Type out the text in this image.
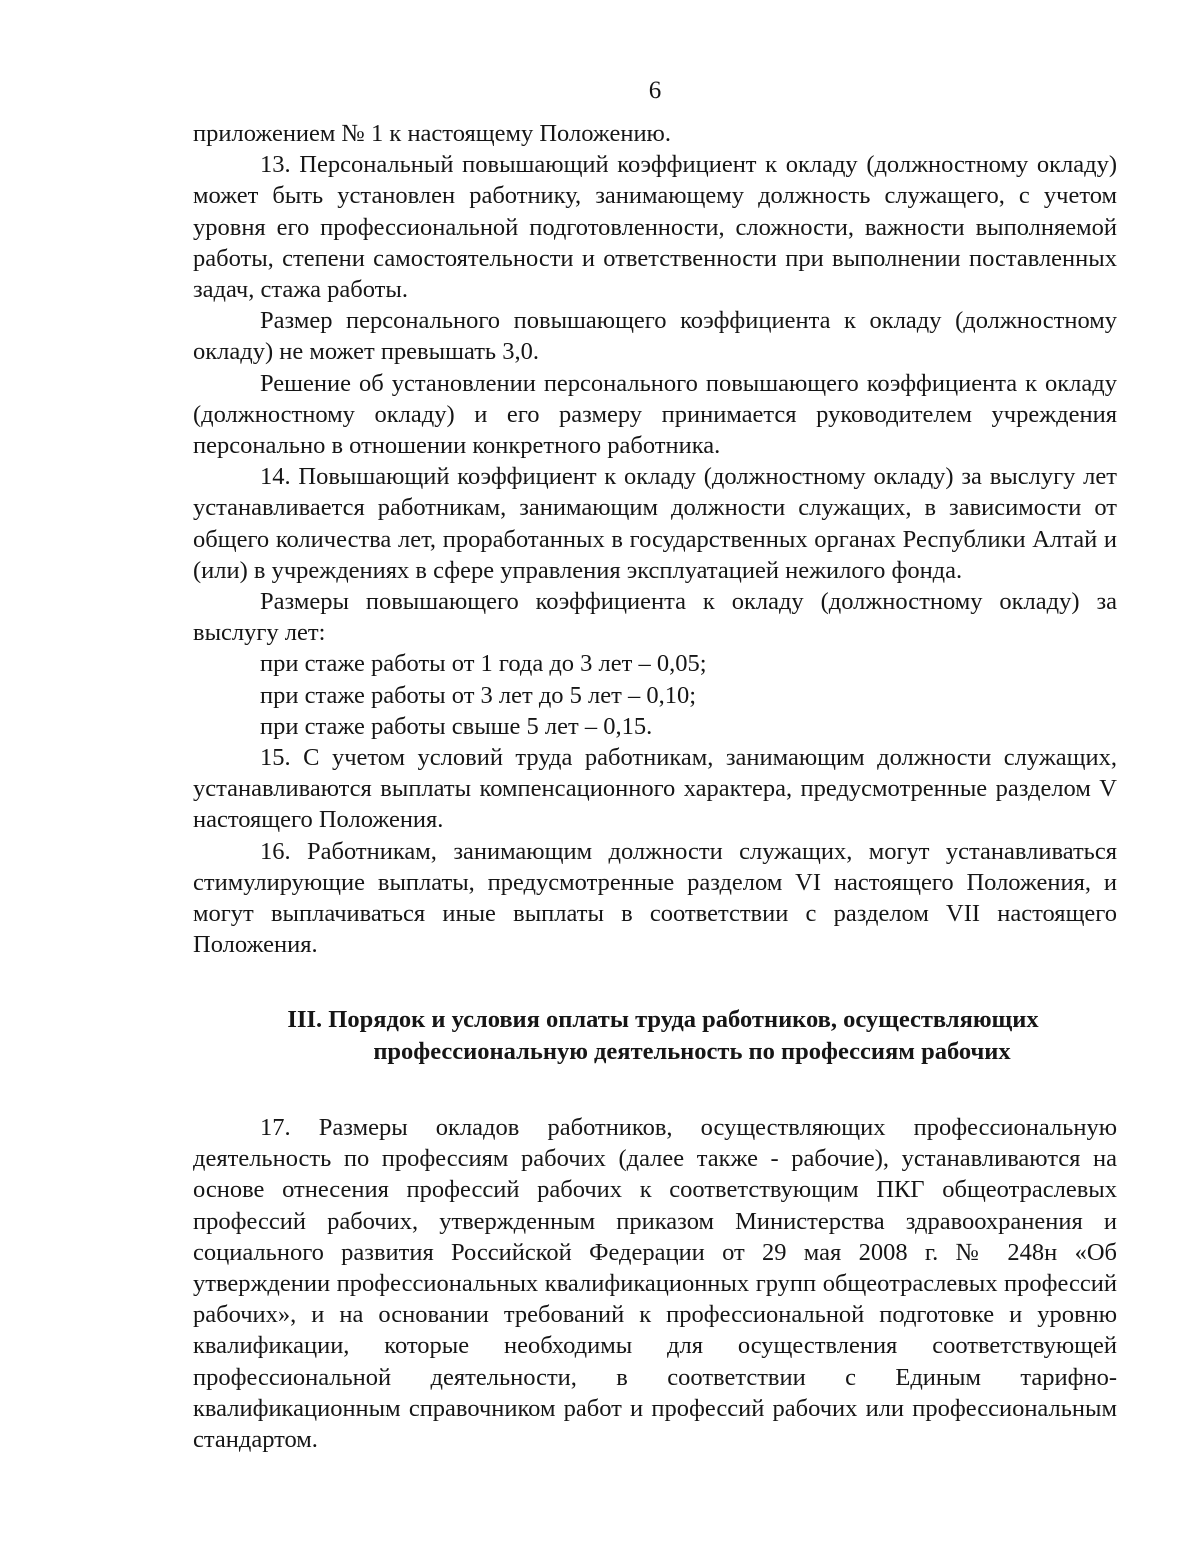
6

приложением № 1 к настоящему Положению.

13. Персональный повышающий коэффициент к окладу (должностному окладу) может быть установлен работнику, занимающему должность служащего, с учетом уровня его профессиональной подготовленности, сложности, важности выполняемой работы, степени самостоятельности и ответственности при выполнении поставленных задач, стажа работы.

Размер персонального повышающего коэффициента к окладу (должностному окладу) не может превышать 3,0.

Решение об установлении персонального повышающего коэффициента к окладу (должностному окладу) и его размеру принимается руководителем учреждения персонально в отношении конкретного работника.

14. Повышающий коэффициент к окладу (должностному окладу) за выслугу лет устанавливается работникам, занимающим должности служащих, в зависимости от общего количества лет, проработанных в государственных органах Республики Алтай и (или) в учреждениях в сфере управления эксплуатацией нежилого фонда.

Размеры повышающего коэффициента к окладу (должностному окладу) за выслугу лет:

при стаже работы от 1 года до 3 лет – 0,05;

при стаже работы от 3 лет до 5 лет – 0,10;

при стаже работы свыше 5 лет – 0,15.

15. С учетом условий труда работникам, занимающим должности служащих, устанавливаются выплаты компенсационного характера, предусмотренные разделом V настоящего Положения.

16. Работникам, занимающим должности служащих, могут устанавливаться стимулирующие выплаты, предусмотренные разделом VI настоящего Положения, и могут выплачиваться иные выплаты в соответствии с разделом VII настоящего Положения.

III. Порядок и условия оплаты труда работников, осуществляющих
профессиональную деятельность по профессиям рабочих

17. Размеры окладов работников, осуществляющих профессиональную деятельность по профессиям рабочих (далее также - рабочие), устанавливаются на основе отнесения профессий рабочих к соответствующим ПКГ общеотраслевых профессий рабочих, утвержденным приказом Министерства здравоохранения и социального развития Российской Федерации от 29 мая 2008 г. № 248н «Об утверждении профессиональных квалификационных групп общеотраслевых профессий рабочих», и на основании требований к профессиональной подготовке и уровню квалификации, которые необходимы для осуществления соответствующей профессиональной деятельности, в соответствии с Единым тарифно-квалификационным справочником работ и профессий рабочих или профессиональным стандартом.
